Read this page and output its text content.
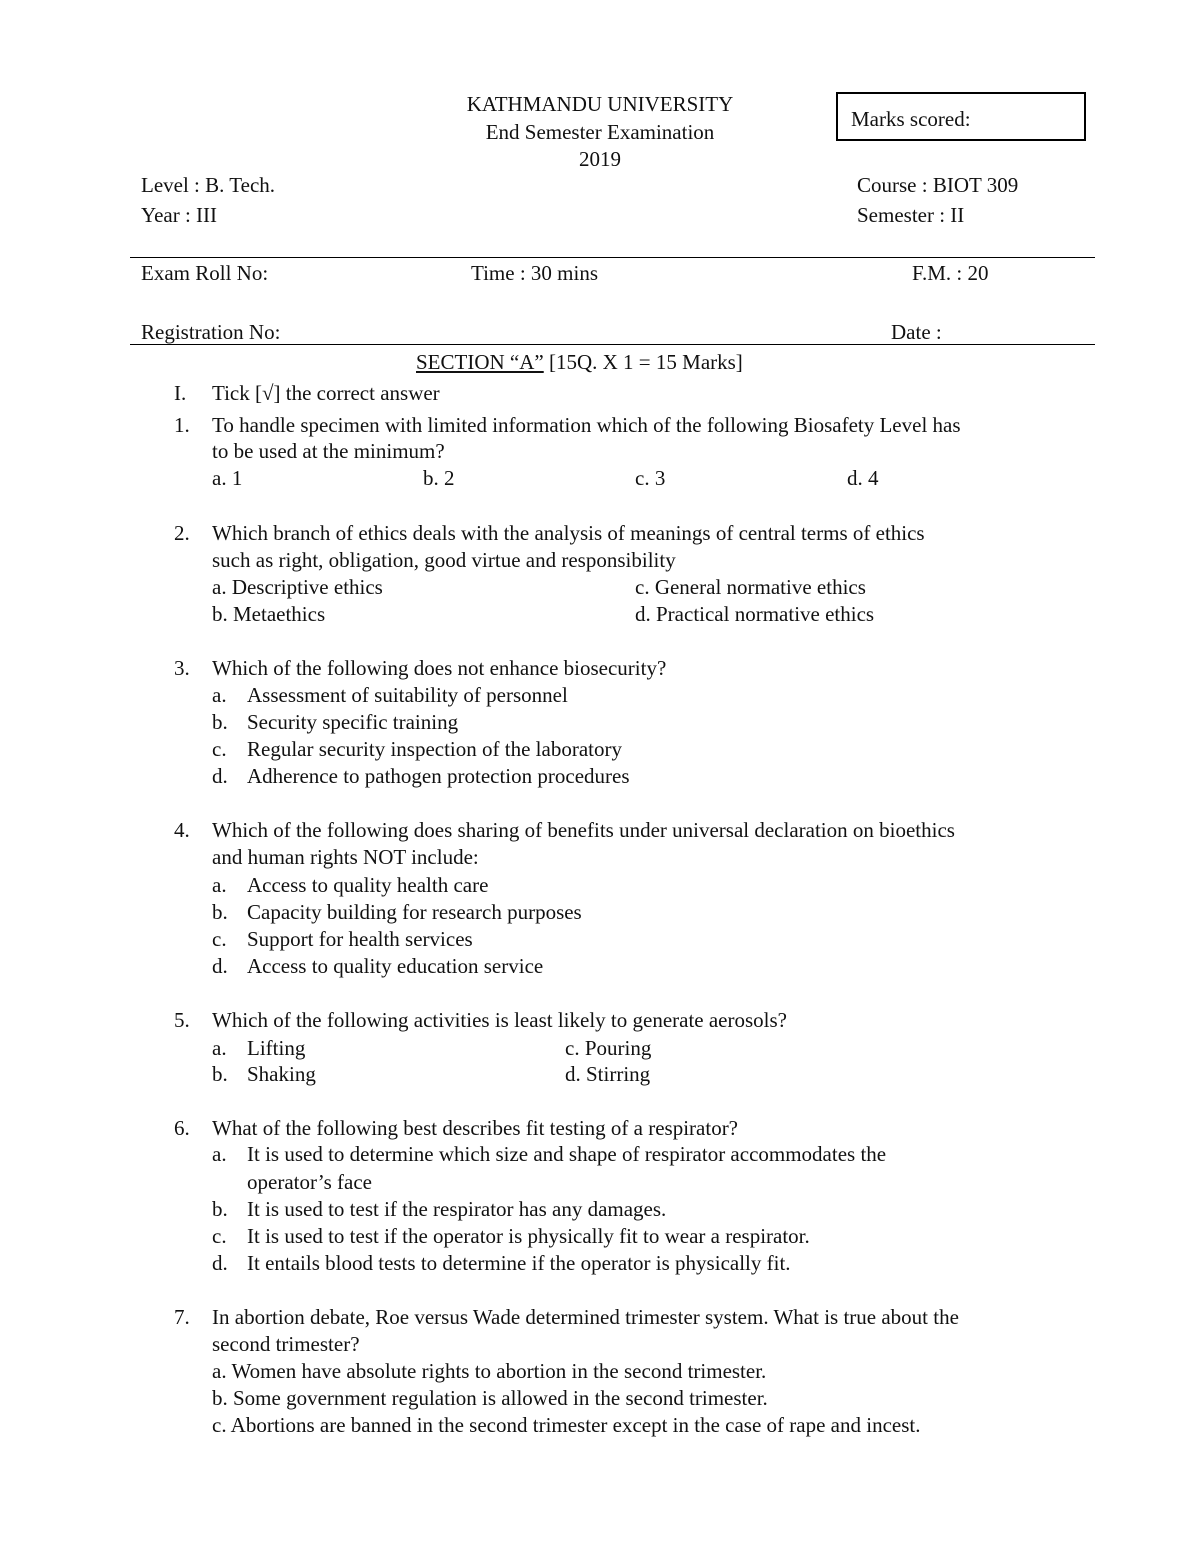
KATHMANDU UNIVERSITY
End Semester Examination
2019
Marks scored:
Level : B. Tech.
Year : III
Course : BIOT 309
Semester : II
Exam Roll No:	Time : 30 mins	F.M. : 20
Registration No:	Date :
SECTION “A” [15Q. X 1 = 15 Marks]
I. Tick [√] the correct answer
1. To handle specimen with limited information which of the following Biosafety Level has
to be used at the minimum?
a. 1	b. 2	c. 3	d. 4
2. Which branch of ethics deals with the analysis of meanings of central terms of ethics
such as right, obligation, good virtue and responsibility
a. Descriptive ethics	c. General normative ethics
b. Metaethics	d. Practical normative ethics
3. Which of the following does not enhance biosecurity?
a. Assessment of suitability of personnel
b. Security specific training
c. Regular security inspection of the laboratory
d. Adherence to pathogen protection procedures
4. Which of the following does sharing of benefits under universal declaration on bioethics
and human rights NOT include:
a. Access to quality health care
b. Capacity building for research purposes
c. Support for health services
d. Access to quality education service
5. Which of the following activities is least likely to generate aerosols?
a. Lifting	c. Pouring
b. Shaking	d. Stirring
6. What of the following best describes fit testing of a respirator?
a. It is used to determine which size and shape of respirator accommodates the
operator’s face
b. It is used to test if the respirator has any damages.
c. It is used to test if the operator is physically fit to wear a respirator.
d. It entails blood tests to determine if the operator is physically fit.
7. In abortion debate, Roe versus Wade determined trimester system. What is true about the
second trimester?
a. Women have absolute rights to abortion in the second trimester.
b. Some government regulation is allowed in the second trimester.
c. Abortions are banned in the second trimester except in the case of rape and incest.
